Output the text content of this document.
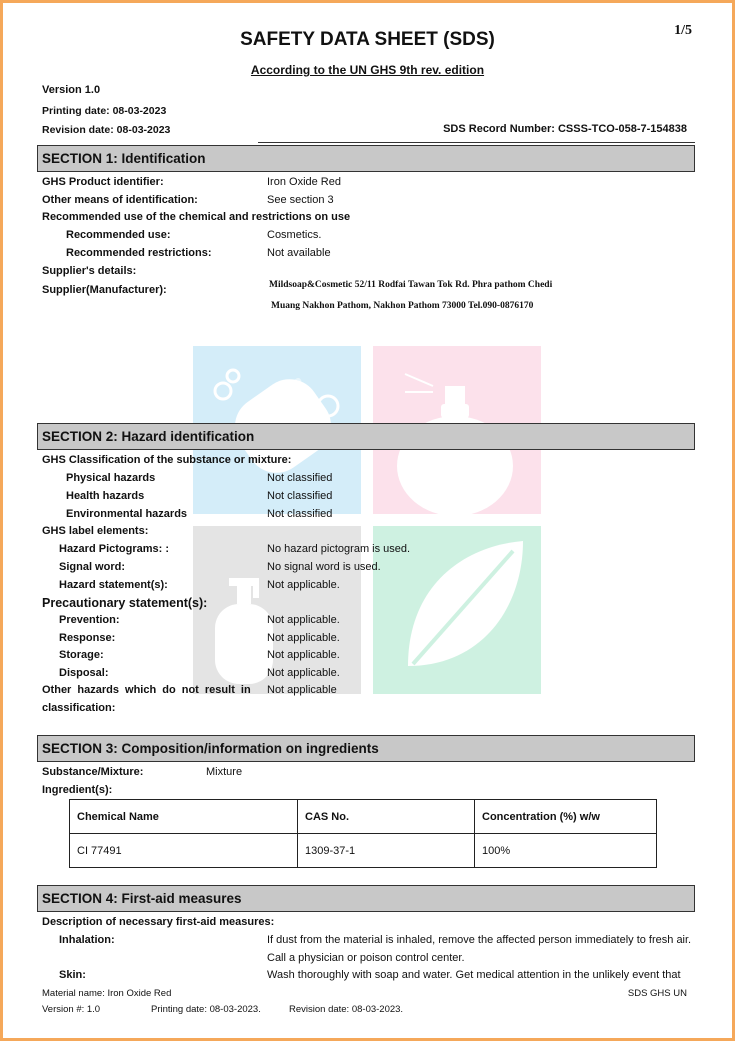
1/5
SAFETY DATA SHEET (SDS)
According to the UN GHS 9th rev. edition
Version 1.0
Printing date: 08-03-2023
Revision date: 08-03-2023	SDS Record Number: CSSS-TCO-058-7-154838
SECTION 1: Identification
GHS Product identifier:	Iron Oxide Red
Other means of identification:	See section 3
Recommended use of the chemical and restrictions on use
Recommended use:	Cosmetics.
Recommended restrictions:	Not available
Supplier's details:
Supplier(Manufacturer):	Mildsoap&Cosmetic 52/11 Rodfai Tawan Tok Rd. Phra pathom Chedi
Muang Nakhon Pathom, Nakhon Pathom 73000 Tel.090-0876170
SOAP
SECTION 2: Hazard identification
GHS Classification of the substance or mixture:
Physical hazards	Not classified
Health hazards	Not classified
Environmental hazards	Not classified
GHS label elements:
Hazard Pictograms: :	No hazard pictogram is used.
Signal word:	No signal word is used.
Hazard statement(s):	Not applicable.
Precautionary statement(s):
Prevention:	Not applicable.
Response:	Not applicable.
Storage:	Not applicable.
Disposal:	Not applicable.
Other hazards which do not result in
classification:
Not applicable
SECTION 3: Composition/information on ingredients
Substance/Mixture:	Mixture
Ingredient(s):
Chemical Name	CAS No.	Concentration (%) w/w
CI 77491	1309-37-1	100%
SECTION 4: First-aid measures
Description of necessary first-aid measures:
Inhalation:	If dust from the material is inhaled, remove the affected person immediately to fresh air.
Call a physician or poison control center.
Skin:	Wash thoroughly with soap and water. Get medical attention in the unlikely event that
Material name: Iron Oxide Red	SDS GHS UN
Version #: 1.0	Printing date: 08-03-2023.	Revision date: 08-03-2023.
